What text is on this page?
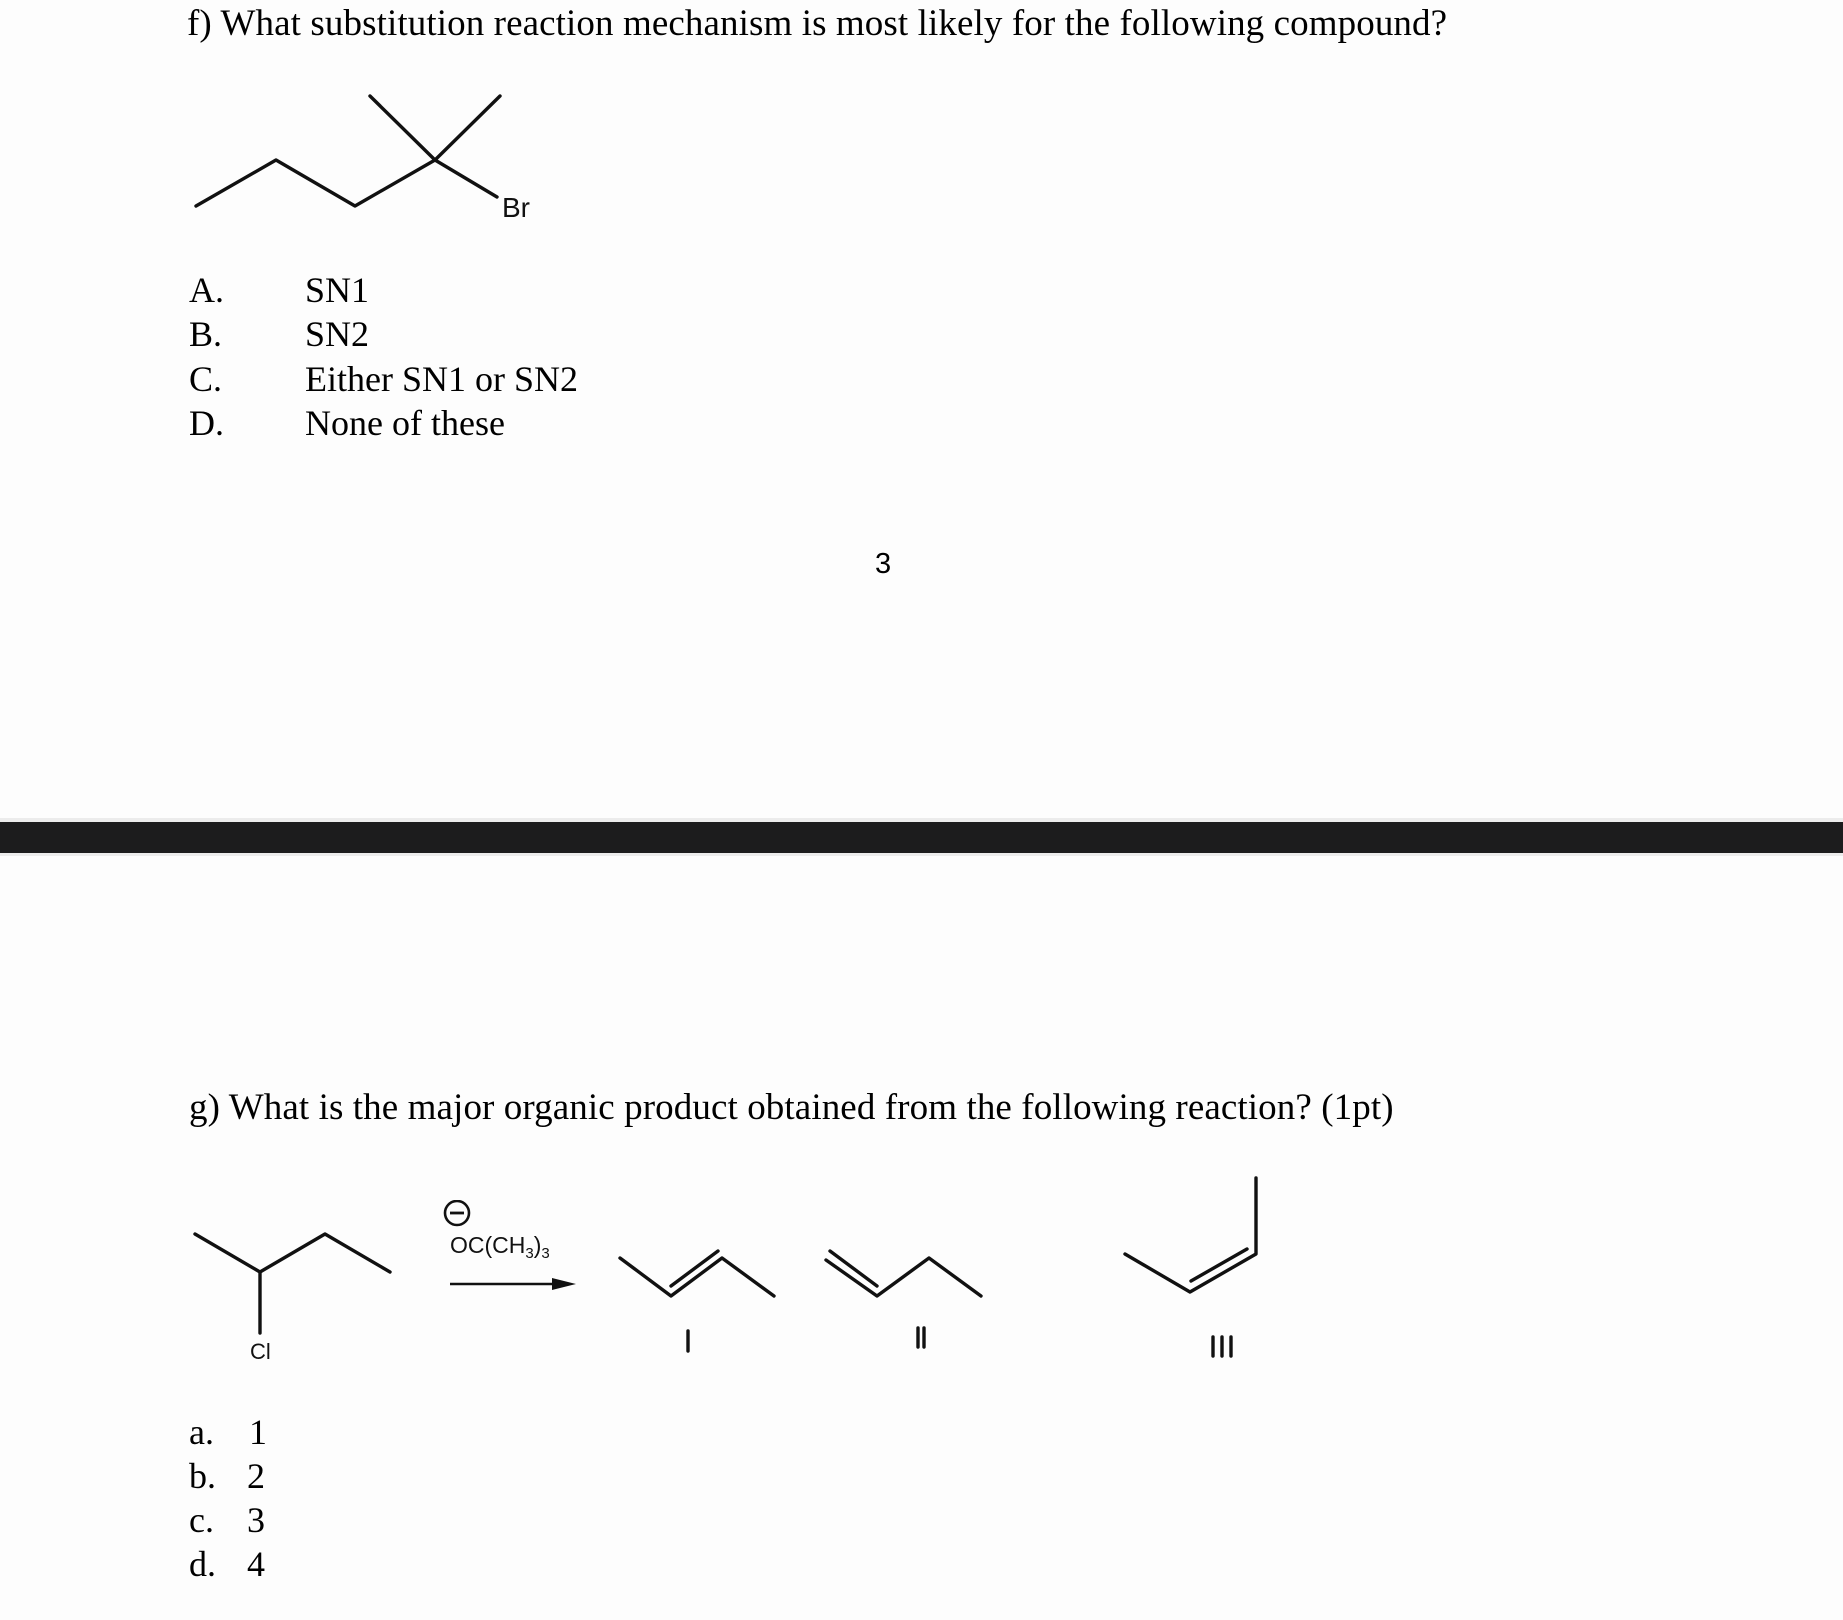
f) What substitution reaction mechanism is most likely for the following compound?
Br
A. SN1
B. SN2
C. Either SN1 or SN2
D. None of these
3
g) What is the major organic product obtained from the following reaction? (1pt)
Cl
$OC(CH_3)_3$
a. 1
b. 2
c. 3
d. 4
